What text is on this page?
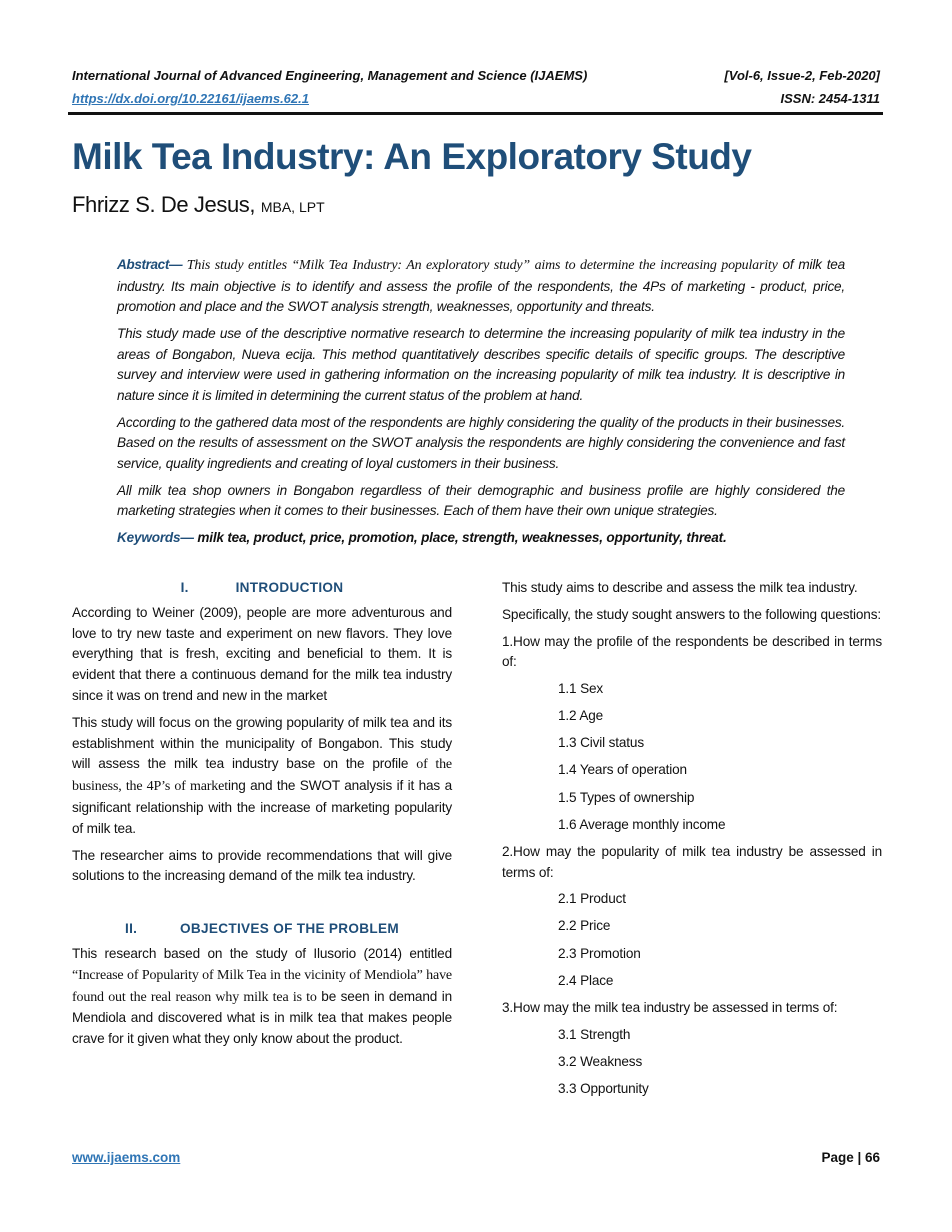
International Journal of Advanced Engineering, Management and Science (IJAEMS)	[Vol-6, Issue-2, Feb-2020]
https://dx.doi.org/10.22161/ijaems.62.1	ISSN: 2454-1311
Milk Tea Industry: An Exploratory Study
Fhrizz S. De Jesus, MBA, LPT

Abstract— This study entitles “Milk Tea Industry: An exploratory study” aims to determine the increasing popularity of milk tea industry. Its main objective is to identify and assess the profile of the respondents, the 4Ps of marketing - product, price, promotion and place and the SWOT analysis strength, weaknesses, opportunity and threats.

This study made use of the descriptive normative research to determine the increasing popularity of milk tea industry in the areas of Bongabon, Nueva ecija. This method quantitatively describes specific details of specific groups. The descriptive survey and interview were used in gathering information on the increasing popularity of milk tea industry. It is descriptive in nature since it is limited in determining the current status of the problem at hand.

According to the gathered data most of the respondents are highly considering the quality of the products in their businesses. Based on the results of assessment on the SWOT analysis the respondents are highly considering the convenience and fast service, quality ingredients and creating of loyal customers in their business.

All milk tea shop owners in Bongabon regardless of their demographic and business profile are highly considered the marketing strategies when it comes to their businesses. Each of them have their own unique strategies.

Keywords— milk tea, product, price, promotion, place, strength, weaknesses, opportunity, threat.

I.	INTRODUCTION

According to Weiner (2009), people are more adventurous and love to try new taste and experiment on new flavors. They love everything that is fresh, exciting and beneficial to them. It is evident that there a continuous demand for the milk tea industry since it was on trend and new in the market

This study will focus on the growing popularity of milk tea and its establishment within the municipality of Bongabon. This study will assess the milk tea industry base on the profile of the business, the 4P’s of marketing and the SWOT analysis if it has a significant relationship with the increase of marketing popularity of milk tea.

The researcher aims to provide recommendations that will give solutions to the increasing demand of the milk tea industry.

II.	OBJECTIVES OF THE PROBLEM

This research based on the study of Ilusorio (2014) entitled “Increase of Popularity of Milk Tea in the vicinity of Mendiola” have found out the real reason why milk tea is to be seen in demand in Mendiola and discovered what is in milk tea that makes people crave for it given what they only know about the product.

This study aims to describe and assess the milk tea industry.

Specifically, the study sought answers to the following questions:

1.How may the profile of the respondents be described in terms of:

1.1 Sex
1.2 Age
1.3 Civil status
1.4 Years of operation
1.5 Types of ownership
1.6 Average monthly income

2.How may the popularity of milk tea industry be assessed in terms of:

2.1 Product
2.2 Price
2.3 Promotion
2.4 Place

3.How may the milk tea industry be assessed in terms of:

3.1 Strength
3.2 Weakness
3.3 Opportunity
www.ijaems.com	Page | 66
